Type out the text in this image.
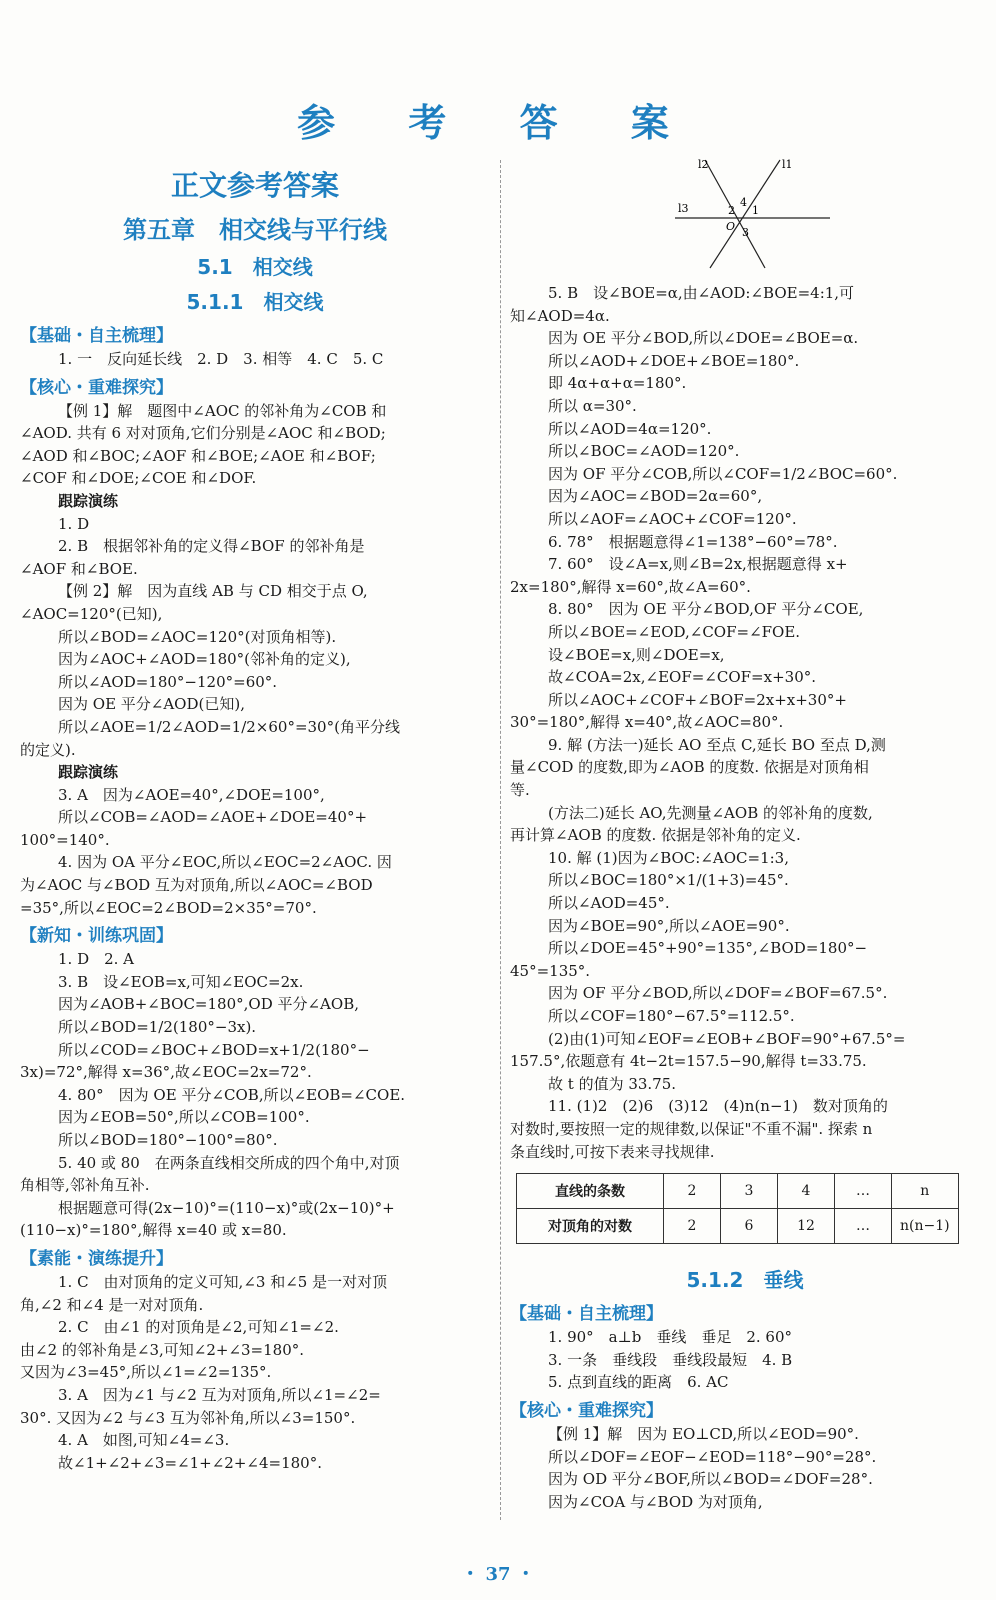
参 考 答 案
正文参考答案
第五章　相交线与平行线
5.1　相交线
5.1.1　相交线
【基础・自主梳理】

1. 一　反向延长线　2. D　3. 相等　4. C　5. C

【核心・重难探究】

【例 1】解　题图中∠AOC 的邻补角为∠COB 和

∠AOD. 共有 6 对对顶角,它们分别是∠AOC 和∠BOD;

∠AOD 和∠BOC;∠AOF 和∠BOE;∠AOE 和∠BOF;

∠COF 和∠DOE;∠COE 和∠DOF.

跟踪演练

1. D

2. B　根据邻补角的定义得∠BOF 的邻补角是

∠AOF 和∠BOE.

【例 2】解　因为直线 AB 与 CD 相交于点 O,

∠AOC=120°(已知),

所以∠BOD=∠AOC=120°(对顶角相等).

因为∠AOC+∠AOD=180°(邻补角的定义),

所以∠AOD=180°−120°=60°.

因为 OE 平分∠AOD(已知),

所以∠AOE=1/2∠AOD=1/2×60°=30°(角平分线

的定义).

跟踪演练

3. A　因为∠AOE=40°,∠DOE=100°,

所以∠COB=∠AOD=∠AOE+∠DOE=40°+

100°=140°.

4. 因为 OA 平分∠EOC,所以∠EOC=2∠AOC. 因

为∠AOC 与∠BOD 互为对顶角,所以∠AOC=∠BOD

=35°,所以∠EOC=2∠BOD=2×35°=70°.

【新知・训练巩固】

1. D　2. A

3. B　设∠EOB=x,可知∠EOC=2x.

因为∠AOB+∠BOC=180°,OD 平分∠AOB,

所以∠BOD=1/2(180°−3x).

所以∠COD=∠BOC+∠BOD=x+1/2(180°−

3x)=72°,解得 x=36°,故∠EOC=2x=72°.

4. 80°　因为 OE 平分∠COB,所以∠EOB=∠COE.

因为∠EOB=50°,所以∠COB=100°.

所以∠BOD=180°−100°=80°.

5. 40 或 80　在两条直线相交所成的四个角中,对顶

角相等,邻补角互补.

根据题意可得(2x−10)°=(110−x)°或(2x−10)°+

(110−x)°=180°,解得 x=40 或 x=80.

【素能・演练提升】

1. C　由对顶角的定义可知,∠3 和∠5 是一对对顶

角,∠2 和∠4 是一对对顶角.

2. C　由∠1 的对顶角是∠2,可知∠1=∠2.

由∠2 的邻补角是∠3,可知∠2+∠3=180°.

又因为∠3=45°,所以∠1=∠2=135°.

3. A　因为∠1 与∠2 互为对顶角,所以∠1=∠2=

30°. 又因为∠2 与∠3 互为邻补角,所以∠3=150°.

4. A　如图,可知∠4=∠3.

故∠1+∠2+∠3=∠1+∠2+∠4=180°.

l2	l1
l3	2
4
1
O 3

5. B　设∠BOE=α,由∠AOD:∠BOE=4:1,可

知∠AOD=4α.

因为 OE 平分∠BOD,所以∠DOE=∠BOE=α.

所以∠AOD+∠DOE+∠BOE=180°.

即 4α+α+α=180°.

所以 α=30°.

所以∠AOD=4α=120°.

所以∠BOC=∠AOD=120°.

因为 OF 平分∠COB,所以∠COF=1/2∠BOC=60°.

因为∠AOC=∠BOD=2α=60°,

所以∠AOF=∠AOC+∠COF=120°.

6. 78°　根据题意得∠1=138°−60°=78°.

7. 60°　设∠A=x,则∠B=2x,根据题意得 x+

2x=180°,解得 x=60°,故∠A=60°.

8. 80°　因为 OE 平分∠BOD,OF 平分∠COE,

所以∠BOE=∠EOD,∠COF=∠FOE.

设∠BOE=x,则∠DOE=x,

故∠COA=2x,∠EOF=∠COF=x+30°.

所以∠AOC+∠COF+∠BOF=2x+x+30°+

30°=180°,解得 x=40°,故∠AOC=80°.

9. 解 (方法一)延长 AO 至点 C,延长 BO 至点 D,测

量∠COD 的度数,即为∠AOB 的度数. 依据是对顶角相

等.

(方法二)延长 AO,先测量∠AOB 的邻补角的度数,

再计算∠AOB 的度数. 依据是邻补角的定义.

10. 解 (1)因为∠BOC:∠AOC=1:3,

所以∠BOC=180°×1/(1+3)=45°.

所以∠AOD=45°.

因为∠BOE=90°,所以∠AOE=90°.

所以∠DOE=45°+90°=135°,∠BOD=180°−

45°=135°.

因为 OF 平分∠BOD,所以∠DOF=∠BOF=67.5°.

所以∠COF=180°−67.5°=112.5°.

(2)由(1)可知∠EOF=∠EOB+∠BOF=90°+67.5°=

157.5°,依题意有 4t−2t=157.5−90,解得 t=33.75.

故 t 的值为 33.75.

11. (1)2　(2)6　(3)12　(4)n(n−1)　数对顶角的

对数时,要按照一定的规律数,以保证"不重不漏". 探索 n

条直线时,可按下表来寻找规律.

直线的条数	2	3	4	…	n
对顶角的对数	2	6	12	…	n(n−1)
5.1.2　垂线
【基础・自主梳理】

1. 90°　a⊥b　垂线　垂足　2. 60°

3. 一条　垂线段　垂线段最短　4. B

5. 点到直线的距离　6. AC

【核心・重难探究】

【例 1】解　因为 EO⊥CD,所以∠EOD=90°.

所以∠DOF=∠EOF−∠EOD=118°−90°=28°.

因为 OD 平分∠BOF,所以∠BOD=∠DOF=28°.

因为∠COA 与∠BOD 为对顶角,

・ 37 ・
